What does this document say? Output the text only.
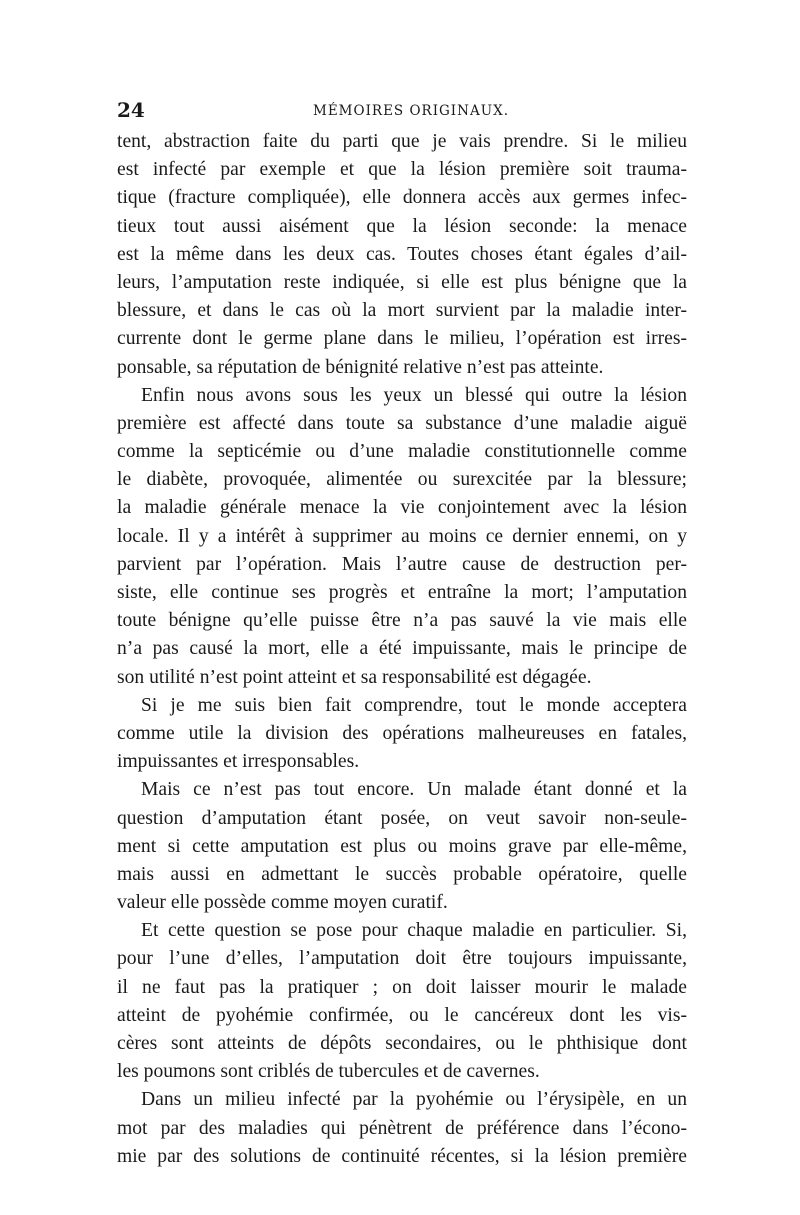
24	MÉMOIRES ORIGINAUX.
tent, abstraction faite du parti que je vais prendre. Si le milieu
est infecté par exemple et que la lésion première soit trauma-
tique (fracture compliquée), elle donnera accès aux germes infec-
tieux tout aussi aisément que la lésion seconde: la menace
est la même dans les deux cas. Toutes choses étant égales d’ail-
leurs, l’amputation reste indiquée, si elle est plus bénigne que la
blessure, et dans le cas où la mort survient par la maladie inter-
currente dont le germe plane dans le milieu, l’opération est irres-
ponsable, sa réputation de bénignité relative n’est pas atteinte.
Enfin nous avons sous les yeux un blessé qui outre la lésion
première est affecté dans toute sa substance d’une maladie aiguë
comme la septicémie ou d’une maladie constitutionnelle comme
le diabète, provoquée, alimentée ou surexcitée par la blessure;
la maladie générale menace la vie conjointement avec la lésion
locale. Il y a intérêt à supprimer au moins ce dernier ennemi, on y
parvient par l’opération. Mais l’autre cause de destruction per-
siste, elle continue ses progrès et entraîne la mort; l’amputation
toute bénigne qu’elle puisse être n’a pas sauvé la vie mais elle
n’a pas causé la mort, elle a été impuissante, mais le principe de
son utilité n’est point atteint et sa responsabilité est dégagée.
Si je me suis bien fait comprendre, tout le monde acceptera
comme utile la division des opérations malheureuses en fatales,
impuissantes et irresponsables.
Mais ce n’est pas tout encore. Un malade étant donné et la
question d’amputation étant posée, on veut savoir non-seule-
ment si cette amputation est plus ou moins grave par elle-même,
mais aussi en admettant le succès probable opératoire, quelle
valeur elle possède comme moyen curatif.
Et cette question se pose pour chaque maladie en particulier. Si,
pour l’une d’elles, l’amputation doit être toujours impuissante,
il ne faut pas la pratiquer ; on doit laisser mourir le malade
atteint de pyohémie confirmée, ou le cancéreux dont les vis-
cères sont atteints de dépôts secondaires, ou le phthisique dont
les poumons sont criblés de tubercules et de cavernes.
Dans un milieu infecté par la pyohémie ou l’érysipèle, en un
mot par des maladies qui pénètrent de préférence dans l’écono-
mie par des solutions de continuité récentes, si la lésion première
